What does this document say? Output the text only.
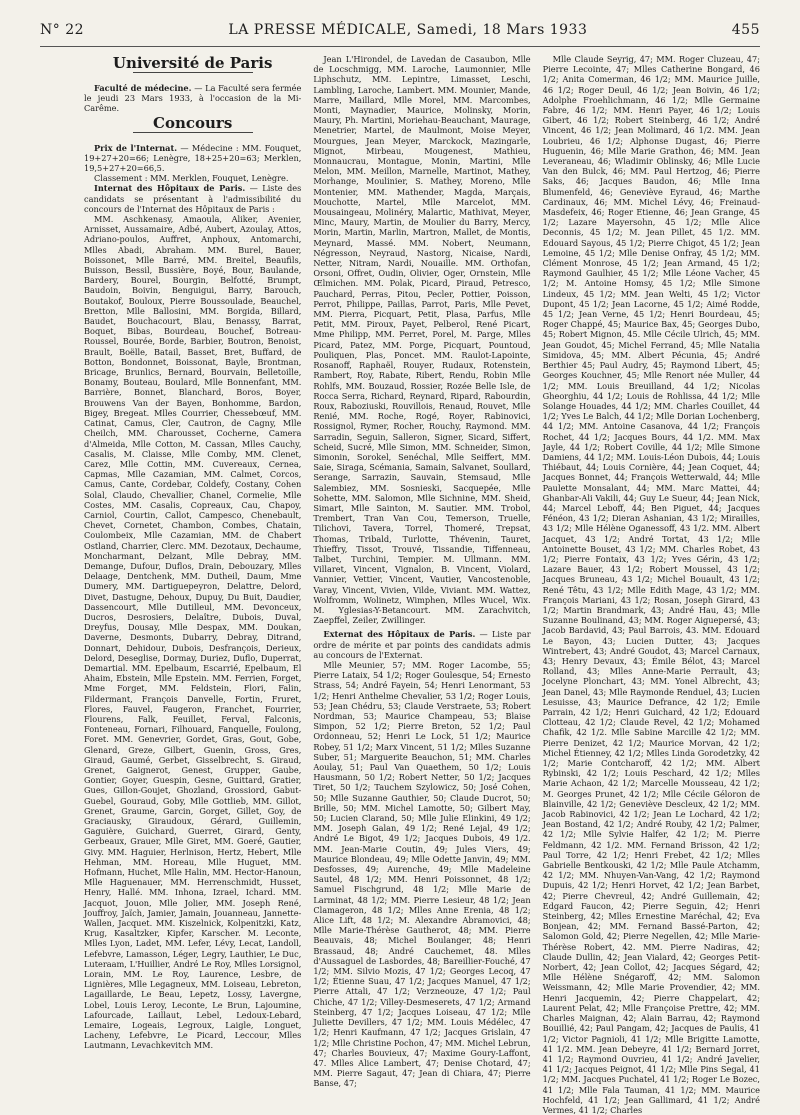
N° 22	LA PRESSE MÉDICALE, Samedi, 18 Mars 1933	455

Université de Paris

Faculté de médecine. — La Faculté sera fermée le jeudi 23 Mars 1933, à l'occasion de la Mi-Carême.

Concours

Prix de l'Internat. — Médecine : MM. Fouquet, 19+27+20=66; Lenègre, 18+25+20=63; Merklen, 19,5+27+20=66,5.

Classement : MM. Merklen, Fouquet, Lenègre.

Internat des Hôpitaux de Paris. — Liste des candidats se présentant à l'admissibilité du concours de l'Internat des Hôpitaux de Paris :

MM. Aschkenasy, Amaoula, Aliker, Avenier, Arnisset, Aussamaire, Adbé, Aubert, Azoulay, Attos, Adriano-poulos, Auffret, Anphoux, Antomarchi, Mlles Abadi, Abraham. MM. Burel, Bauer, Boissonet, Mlle Barré, MM. Breitel, Beaufils, Buisson, Bessil, Bussière, Boyé, Bour, Baulande, Bardery, Bourel, Bourgin, Belfotté, Brumpt, Baudoin, Boivin, Benguigui, Barry, Barouch, Boutakof, Bouloux, Pierre Boussoulade, Beauchel, Bretton, Mlle Ballosini, MM. Borgida, Billard, Baudet, Bouchacourt, Blau, Benassy, Barrat, Boquet, Bibas, Bourdeau, Bouchef, Botreau-Roussel, Bourée, Borde, Barbier, Boutron, Benoist, Brault, Boëlle, Batail, Basset, Bret, Buffard, de Botton, Bondonnet, Boissonat, Bayle, Brontman, Bricage, Brunlics, Bernard, Bourvain, Belletoille, Bonamy, Bouteau, Boulard, Mlle Bonnenfant, MM. Barrière, Bonnet, Blanchard, Boros, Boyer, Brouwens Van der Bayen, Bonhomme, Bardon, Bigey, Bregeat. Mlles Courrier, Chessebœuf, MM. Catinat, Camus, Cler, Cautron, de Cagny, Mlle Cheilch, MM. Charousset, Cocherne, Camera d'Almeida, Mlle Cotton, M. Cassan, Mlles Cauchy, Casalis, M. Claisse, Mlle Comby, MM. Clenet, Carez, Mlle Cottin, MM. Cuvereaux, Cernea, Capmas, Mlle Cazamian, MM. Calmet, Corcos, Camus, Cante, Cordebar, Coldefy, Costany, Cohen Solal, Claudo, Chevallier, Chanel, Cormelie, Mlle Costes, MM. Casalis, Copreaux, Cau, Chapoy, Carniol, Courtin, Callot, Campesco, Chenebault, Chevet, Cornetet, Chambon, Combes, Chatain, Coulombeix, Mlle Cazamian, MM. de Chabert Ostland, Charrier, Clerc. MM. Dezotaux, Dechaume, Moncharmant, Delzant, Mlle Debray, MM. Demange, Dufour, Duflos, Drain, Debouzary, Mlles Delaage, Dentchenk, MM. Dutheil, Daum, Mme Dumery, MM. Dartiguepeyron, Delattre, Delord, Divet, Dastugne, Dehoux, Dupuy, Du Buit, Daudier, Dassencourt, Mlle Dutilleul, MM. Devonceux, Ducros, Desrosiers, Delaître, Dubois, Duval, Dreyfus, Dousay, Mlle Despax, MM. Doukan, Daverne, Desmonts, Dubarry, Debray, Ditrand, Donnart, Dehidour, Dubois, Desfrançois, Derieux, Delord, Deseglise, Dormay, Duriez, Duflo, Duperrat, Demartial. MM. Epelbaum, Escarrié, Epelbaum, El Ahaim, Ebstein, Mlle Epstein. MM. Ferrien, Forget, Mme Forget, MM. Feldstein, Flori, Falin, Fildermant, François Danvelle, Fortin, Fruret, Flores, Fauvel, Faugeron, Franchet, Fourrier, Flourens, Falk, Feuillet, Ferval, Falconis, Fonteneau, Fornari, Filhouard, Fanquelle, Foulong, Foret. MM. Genevrier, Gordet, Gras, Gout, Gobe, Glenard, Greze, Gilbert, Guenin, Gross, Gres, Giraud, Gaumé, Gerbet, Gisselbrecht, S. Giraud, Grenet, Gaignerot, Genest, Grupper, Gaube, Gontier, Goyer, Guespin, Gesne, Guittard, Gratier, Gues, Gillon-Goujet, Ghozland, Grossiord, Gabut-Guebel, Gouraud, Goby, Mlle Gottlieb, MM. Gillot, Grenet, Graume, Garcin, Gorget, Gillet, Goy, de Graciausky, Giraudoux, Gérard, Guillemin, Gaguière, Guichard, Guerret, Girard, Genty, Gerbeaux, Grauer, Mlle Giret, MM. Goeré, Gautier, Givy. MM. Haguier, Herlnison, Hertz, Hebert, Mlle Hehman, MM. Horeau, Mlle Huguet, MM. Hofmann, Huchet, Mlle Halin, MM. Hector-Hanoun, Mlle Haguenauer, MM. Herrenschmidt, Husset, Henry, Hallé. MM. Inhona, Izrael, Ichard. MM. Jacquot, Jouon, Mlle Jolier, MM. Joseph René, Jouffroy, Jaïch, Jamier, Jamain, Jouanneau, Jannette-Wallen, Jacquet. MM. Kiszelnick, Kolpenitzki, Katz, Krug, Kasaltzker, Kipfer, Karscher. M. Leconte, Mlles Lyon, Ladet, MM. Lefer, Lévy, Lecat, Landoll, Lefebvre, Lamasson, Léger, Legry, Lauthier, Le Duc, Luteraam, L'Huillier, André Le Roy, Mlles Lorsignol, Lorain, MM. Le Roy, Laurence, Lesbre, de Lignières, Mlle Legagneux, MM. Loiseau, Lebreton, Lagaillarde, Le Beau, Lepetz, Lossy, Lavergne, Lobel, Louis Leroy, Leconte, Le Brun, Lajoumine, Lafourcade, Laillaut, Lebel, Ledoux-Lebard, Lemaire, Logeais, Legroux, Laigle, Longuet, Lacheny, Lefebvre, Le Picard, Leccour, Mlles Lautmann, Levachkevitch MM.

Jean L'Hirondel, de Lavedan de Casaubon, Mlle de Locschmigg, MM. Laroche, Laumonnier, Mlle Liphschutz, MM. Lepintre, Limasset, Leschi, Lambling, Laroche, Lambert. MM. Mounier, Mande, Marre, Maillard, Mlle Morel, MM. Marcombes, Monti, Maynadier, Maurice, Molinsky, Morin, Maury, Ph. Martini, Moriehau-Beauchant, Maurage, Menetrier, Martel, de Maulmont, Moise Meyer, Mourgues, Jean Meyer, Marckock, Mazingarle, Mignot, Mirbeau, Mougenest, Mathieu, Monnaucrau, Montague, Monin, Martini, Mlle Melon, MM. Meillon, Marnelle, Martinot, Mathey, Morhange, Moulinier, S. Mathey, Moreno, Mlle Montenier, MM. Mathender, Magda, Marçais, Mouchotte, Martel, Mlle Marcelot, MM. Mousaingeau, Molinéry, Malartic, Mathivat, Meyer, Minc, Maury, Martin, de Moulier du Barry, Mercy, Morin, Martin, Marlin, Martron, Mallet, de Montis, Meynard, Massé. MM. Nobert, Neumann, Négresson, Neyraud, Nastorg, Nicaise, Nardi, Netter, Nitram, Nardi, Nouaille. MM. Orthofan, Orsoni, Offret, Oudin, Olivier, Oger, Ornstein, Mlle Œlmichen. MM. Polak, Picard, Piraud, Petresco, Pauchard, Perras, Pitou, Pecler, Pottier, Poisson, Perrot, Philippe, Paillas, Parrot, Paris, Mlle Pevet, MM. Pierra, Picquart, Petit, Plasa, Parfus, Mlle Petit, MM. Piroux, Payet, Pelberol, René Picart, Mme Philipp, MM. Perret, Porel, M. Parge, Mlles Picard, Patez, MM. Porge, Picquart, Pountoud, Pouliquen, Plas, Poncet. MM. Raulot-Lapointe, Rosanoff, Raphaël, Rouyer, Rudaux, Rotenstein, Rambert, Roy, Rabate, Ribert, Rendu, Robin Mlle Rohlfs, MM. Bouzaud, Rossier, Rozée Belle Isle, de Rocca Serra, Richard, Reynard, Ripard, Rabourdin, Roux, Raboziuski, Rouvillois, Renaud, Rouvet, Mlle Renié, MM. Roche, Rogé, Royer, Rabinovici, Rossignol, Rymer, Rocher, Rouchy, Raymond. MM. Sarradin, Seguin, Salleron, Signer, Sicard, Siffert, Scheid, Sucré, Mlle Simon, MM. Schneider, Simon, Simonin, Sorokel, Senéchal, Mlle Seiffert, MM. Saie, Siraga, Scémania, Samain, Salvanet, Soullard, Serange, Sarrazin, Sauvain, Stemsaud, Mlle Salembiez, MM. Sosnieski, Sacquepée, Mlle Sohette, MM. Salomon, Mlle Sichnine, MM. Sheid, Simart, Mlle Sainton, M. Sautier. MM. Trobol, Trembert, Tran Van Cou, Temerson, Truelle, Tilichovi, Tavera, Torrel, Thomeré, Trepsat, Thomas, Tribald, Turlotte, Thévenin, Tauret, Thieffry, Tissot, Trouvé, Tissandie, Tiffenneau, Talbet, Turchini, Tempier. M. Ullmann. MM. Villaret, Vincent, Vignalon, B. Vincent, Violard, Vannier, Vettier, Vincent, Vautier, Vancostenoble, Varay, Vincent, Vivien, Vilde, Viviant. MM. Wattez, Wolfromm, Wolinetz, Wimphen, Mlles Wucel, Wix. M. Yglesias-Y-Betancourt. MM. Zarachvitch, Zaepffel, Zeiler, Zwillinger.

Externat des Hôpitaux de Paris. — Liste par ordre de mérite et par points des candidats admis au concours de l'Externat.

Mlle Meunier, 57; MM. Roger Lacombe, 55; Pierre Lataix, 54 1/2; Roger Goulesque, 54; Ernesto Strass, 54; André Fayein, 54; Henri Lenormant, 53 1/2; Henri Anthelme Chevalier, 53 1/2; Roger Louis, 53; Jean Chédru, 53; Claude Verstraete, 53; Robert Nordman, 53; Maurice Champeau, 53; Blaise Simpon, 52 1/2; Pierre Breton, 52 1/2; Paul Ordonneau, 52; Henri Le Lock, 51 1/2; Maurice Robey, 51 1/2; Marx Vincent, 51 1/2; Mlles Suzanne Suber, 51; Marguerite Beauchon, 51; MM. Charles Aoulay, 51; Paul Van Quaethem, 50 1/2; Louis Hausmann, 50 1/2; Robert Netter, 50 1/2; Jacques Tiret, 50 1/2; Tauchem Szylowicz, 50; José Cohen, 50; Mlle Suzanne Gauthier, 50; Claude Ducrot, 50; Brille, 50; MM. Michel Lamotte, 50; Gilbert May, 50; Lucien Clarand, 50; Mlle Julie Elinkini, 49 1/2; MM. Joseph Galan, 49 1/2; René Lejal, 49 1/2; André Le Bigot, 49 1/2; Jacques Dubois, 49 1/2. MM. Jean-Marie Coutin, 49; Jules Viers, 49; Maurice Blondeau, 49; Mlle Odette Janvin, 49; MM. Desfosses, 49; Aurenche, 49; Mlle Madeleine Sautel, 48 1/2; MM. Henri Poissonnet, 48 1/2; Samuel Fischgrund, 48 1/2; Mlle Marie de Larminat, 48 1/2; MM. Pierre Lesieur, 48 1/2; Jean Clamageron, 48 1/2; Mlles Anne Erenia, 48 1/2; Alice Lift, 48 1/2; M. Alexandre Abramovici, 48; Mlle Marie-Thérèse Gautherot, 48; MM. Pierre Beauvais, 48; Michel Boulanger, 48; Henri Brassaud, 48; André Cauchemet, 48. Mlles d'Aussaguel de Lasbordes, 48; Bareillier-Fouché, 47 1/2; MM. Silvio Mozis, 47 1/2; Georges Lecoq, 47 1/2; Étienne Suau, 47 1/2; Jacques Manuel, 47 1/2; Pierre Attali, 47 1/2; Verzneouze, 47 1/2; Paul Chiche, 47 1/2; Villey-Desmeserets, 47 1/2; Armand Steinberg, 47 1/2; Jacques Loiseau, 47 1/2; Mlle Juliette Devillers, 47 1/2; MM. Louis Médélec, 47 1/2; Henri Kaufmann, 47 1/2; Jacques Grislain, 47 1/2; Mlle Christine Pochon, 47; MM. Michel Lebrun, 47; Charles Bouvieux, 47; Maxime Goury-Laffont, 47. Mlles Alice Lambert, 47; Denise Chotard, 47; MM. Pierre Sagaut, 47; Jean di Chiara, 47; Pierre Banse, 47;

Mlle Claude Seyrig, 47; MM. Roger Cluzeau, 47; Pierre Lecointe, 47; Mlles Catherine Bongard, 46 1/2; Anita Comerman, 46 1/2; MM. Maurice Juille, 46 1/2; Roger Deuil, 46 1/2; Jean Boivin, 46 1/2; Adolphe Froehlichmann, 46 1/2; Mlle Germaine Fabre, 46 1/2; MM. Henri Payer, 46 1/2; Louis Gibert, 46 1/2; Robert Steinberg, 46 1/2; André Vincent, 46 1/2; Jean Molimard, 46 1/2. MM. Jean Loubrieu, 46 1/2; Alphonse Dugast, 46; Pierre Huguenin, 46; Mlle Marie Grathon, 46; MM. Jean Leveraneau, 46; Wladimir Oblinsky, 46; Mlle Lucie Van den Bulck, 46; MM. Paul Hertzog, 46; Pierre Saks, 46; Jacques Baudon, 46; Mlle Inna Blumenfeld, 46; Geneviève Eyraud, 46; Marthe Cardinaux, 46; MM. Michel Lévy, 46; Freinaud-Masdefeix, 46; Roger Etienne, 46; Jean Grange, 45 1/2; Lazare Mayersohn, 45 1/2; Mlle Alice Deconnis, 45 1/2; M. Jean Pillet, 45 1/2. MM. Edouard Sayous, 45 1/2; Pierre Chigot, 45 1/2; Jean Lemoine, 45 1/2; Mlle Denise Onfray, 45 1/2; MM. Clément Monrose, 45 1/2; Jean Armand, 45 1/2; Raymond Gaulhier, 45 1/2; Mlle Léone Vacher, 45 1/2; M. Antoine Homsy, 45 1/2; Mlle Simone Lindeux, 45 1/2; MM. Jean Welti, 45 1/2; Victor Dupont, 45 1/2; Jean Lacorne, 45 1/2; Aimé Rodde, 45 1/2; Jean Verne, 45 1/2; Henri Bourdeau, 45; Roger Chappé, 45; Maurice Bax, 45; Georges Dubo, 45; Robert Mignon, 45. Mlle Cécile Ulrich, 45; MM. Jean Goudot, 45; Michel Ferrand, 45; Mlle Natalia Simidova, 45; MM. Albert Pécunia, 45; André Berthier 45; Paul Audry, 45; Raymond Libert, 45; Georges Kouchner, 45; Mlle Renort née Muller, 44 1/2; MM. Louis Breuilland, 44 1/2; Nicolas Gheorghiu, 44 1/2; Louis de Rohlissa, 44 1/2; Mlle Solange Houades, 44 1/2; MM. Charles Couillet, 44 1/2; Yves Le Balch, 44 1/2; Mlle Dorian Lochenberg, 44 1/2; MM. Antoine Casanova, 44 1/2; François Rochet, 44 1/2; Jacques Bours, 44 1/2. MM. Max Jayle, 44 1/2; Robert Coville, 44 1/2; Mlle Simone Damiens, 44 1/2; MM. Louis-Léon Dubois, 44; Louis Thiébaut, 44; Louis Cornière, 44; Jean Coquet, 44; Jacques Bonnet, 44; François Wetterwald, 44; Mlle Paulette Monsalant, 44; MM. Marc Mattei, 44; Ghanbar-Ali Vakili, 44; Guy Le Sueur, 44; Jean Nick, 44; Marcel Leboff, 44; Ben Piguet, 44; Jacques Fénéon, 43 1/2; Dieran Ashanian, 43 1/2; Mirailles, 43 1/2; Mlle Hélène Oganessoff, 43 1/2. MM. Albert Jacquet, 43 1/2; André Tortat, 43 1/2; Mlle Antoinette Bouset, 43 1/2; MM. Charles Robet, 43 1/2; Pierre Fontaix, 43 1/2; Yves Gérin, 43 1/2; Lazare Bauer, 43 1/2; Robert Moussel, 43 1/2; Jacques Bruneau, 43 1/2; Michel Bouault, 43 1/2; René Têtu, 43 1/2; Mlle Edith Mage, 43 1/2; MM. François Mariani, 43 1/2; Rosan, Joseph Girard, 43 1/2; Martin Brandmark, 43; André Hau, 43; Mlle Suzanne Boulinand, 43; MM. Roger Aiguepersé, 43; Jacob Bardavid, 43; Paul Barrois, 43. MM. Edouard Le Bayon, 43; Lucien Dutter, 43; Jacques Wintrebert, 43; André Goudot, 43; Marcel Carnaux, 43; Henry Devaux, 43; Émile Bélot, 43; Marcel Rolland, 43; Mlles Anne-Marie Perrault, 43; Jocelyne Plonchart, 43; MM. Yonel Albrecht, 43; Jean Danel, 43; Mlle Raymonde Renduel, 43; Lucien Lesuisse, 43; Maurice Defrance, 42 1/2; Emile Parrain, 42 1/2; Henri Guichard, 42 1/2; Edouard Clotteau, 42 1/2; Claude Revel, 42 1/2; Mohamed Chafik, 42 1/2. Mlle Sabine Marcille 42 1/2; MM. Pierre Denizet, 42 1/2; Maurice Morvan, 42 1/2; Michel Étienney, 42 1/2; Mlles Linda Gorodetzky, 42 1/2; Marie Contcharoff, 42 1/2; MM. Albert Rybinski, 42 1/2; Louis Peschard, 42 1/2; Mlles Marie Achaon, 42 1/2; Marcelle Mousseau, 42 1/2; M. Georges Prunet, 42 1/2; Mlle Cécile Géloron de Blainville, 42 1/2; Geneviève Descleux, 42 1/2; MM. Jacob Rabinovici, 42 1/2; Jean Le Lochard, 42 1/2; Jean Bostand, 42 1/2; André Rouby, 42 1/2; Palmer, 42 1/2; Mlle Sylvie Halfer, 42 1/2; M. Pierre Feldmann, 42 1/2. MM. Fernand Brisson, 42 1/2; Paul Torre, 42 1/2; Henri Frebet, 42 1/2; Mlles Gabrielle Bentkouski, 42 1/2; Mlle Paule Atchamm, 42 1/2; MM. Nhuyen-Van-Vang, 42 1/2; Raymond Dupuis, 42 1/2; Henri Horvet, 42 1/2; Jean Barbet, 42; Pierre Chevreul, 42; André Guillemain, 42; Edgard Faucon, 42; Pierre Seguin, 42; Henri Steinberg, 42; Mlles Ernestine Maréchal, 42; Eva Bonjean, 42; MM. Fernand Bassé-Parton, 42; Salomon Gold, 42; Pierre Negellen, 42; Mlle Marie-Thérèse Robert, 42. MM. Pierre Nadiras, 42; Claude Dullin, 42; Jean Vialard, 42; Georges Petit-Norbert, 42; Jean Collot, 42; Jacques Ségard, 42; Mlle Hélène Snégaroff, 42; MM. Salomon Weissmann, 42; Mlle Marie Provendier, 42; MM. Henri Jacquemin, 42; Pierre Chappelart, 42; Laurent Pelat, 42; Mlle Françoise Prettre, 42; MM. Charles Maignan, 42; Alain Barrau, 42; Raymond Bouillié, 42; Paul Pangam, 42; Jacques de Paulis, 41 1/2; Victor Pagnioli, 41 1/2; Mlle Brigitte Lamotte, 41 1/2. MM. Jean Debeyre, 41 1/2; Bernard Jorret, 41 1/2; Raymond Ouvrieu, 41 1/2; André Javelier, 41 1/2; Jacques Peignot, 41 1/2; Mlle Pins Segal, 41 1/2; MM. Jacques Puchatel, 41 1/2; Roger Le Bozec, 41 1/2; Mlle Fala Tauman, 41 1/2; MM. Maurice Hochfeld, 41 1/2; Jean Gallimard, 41 1/2; André Vermes, 41 1/2; Charles
